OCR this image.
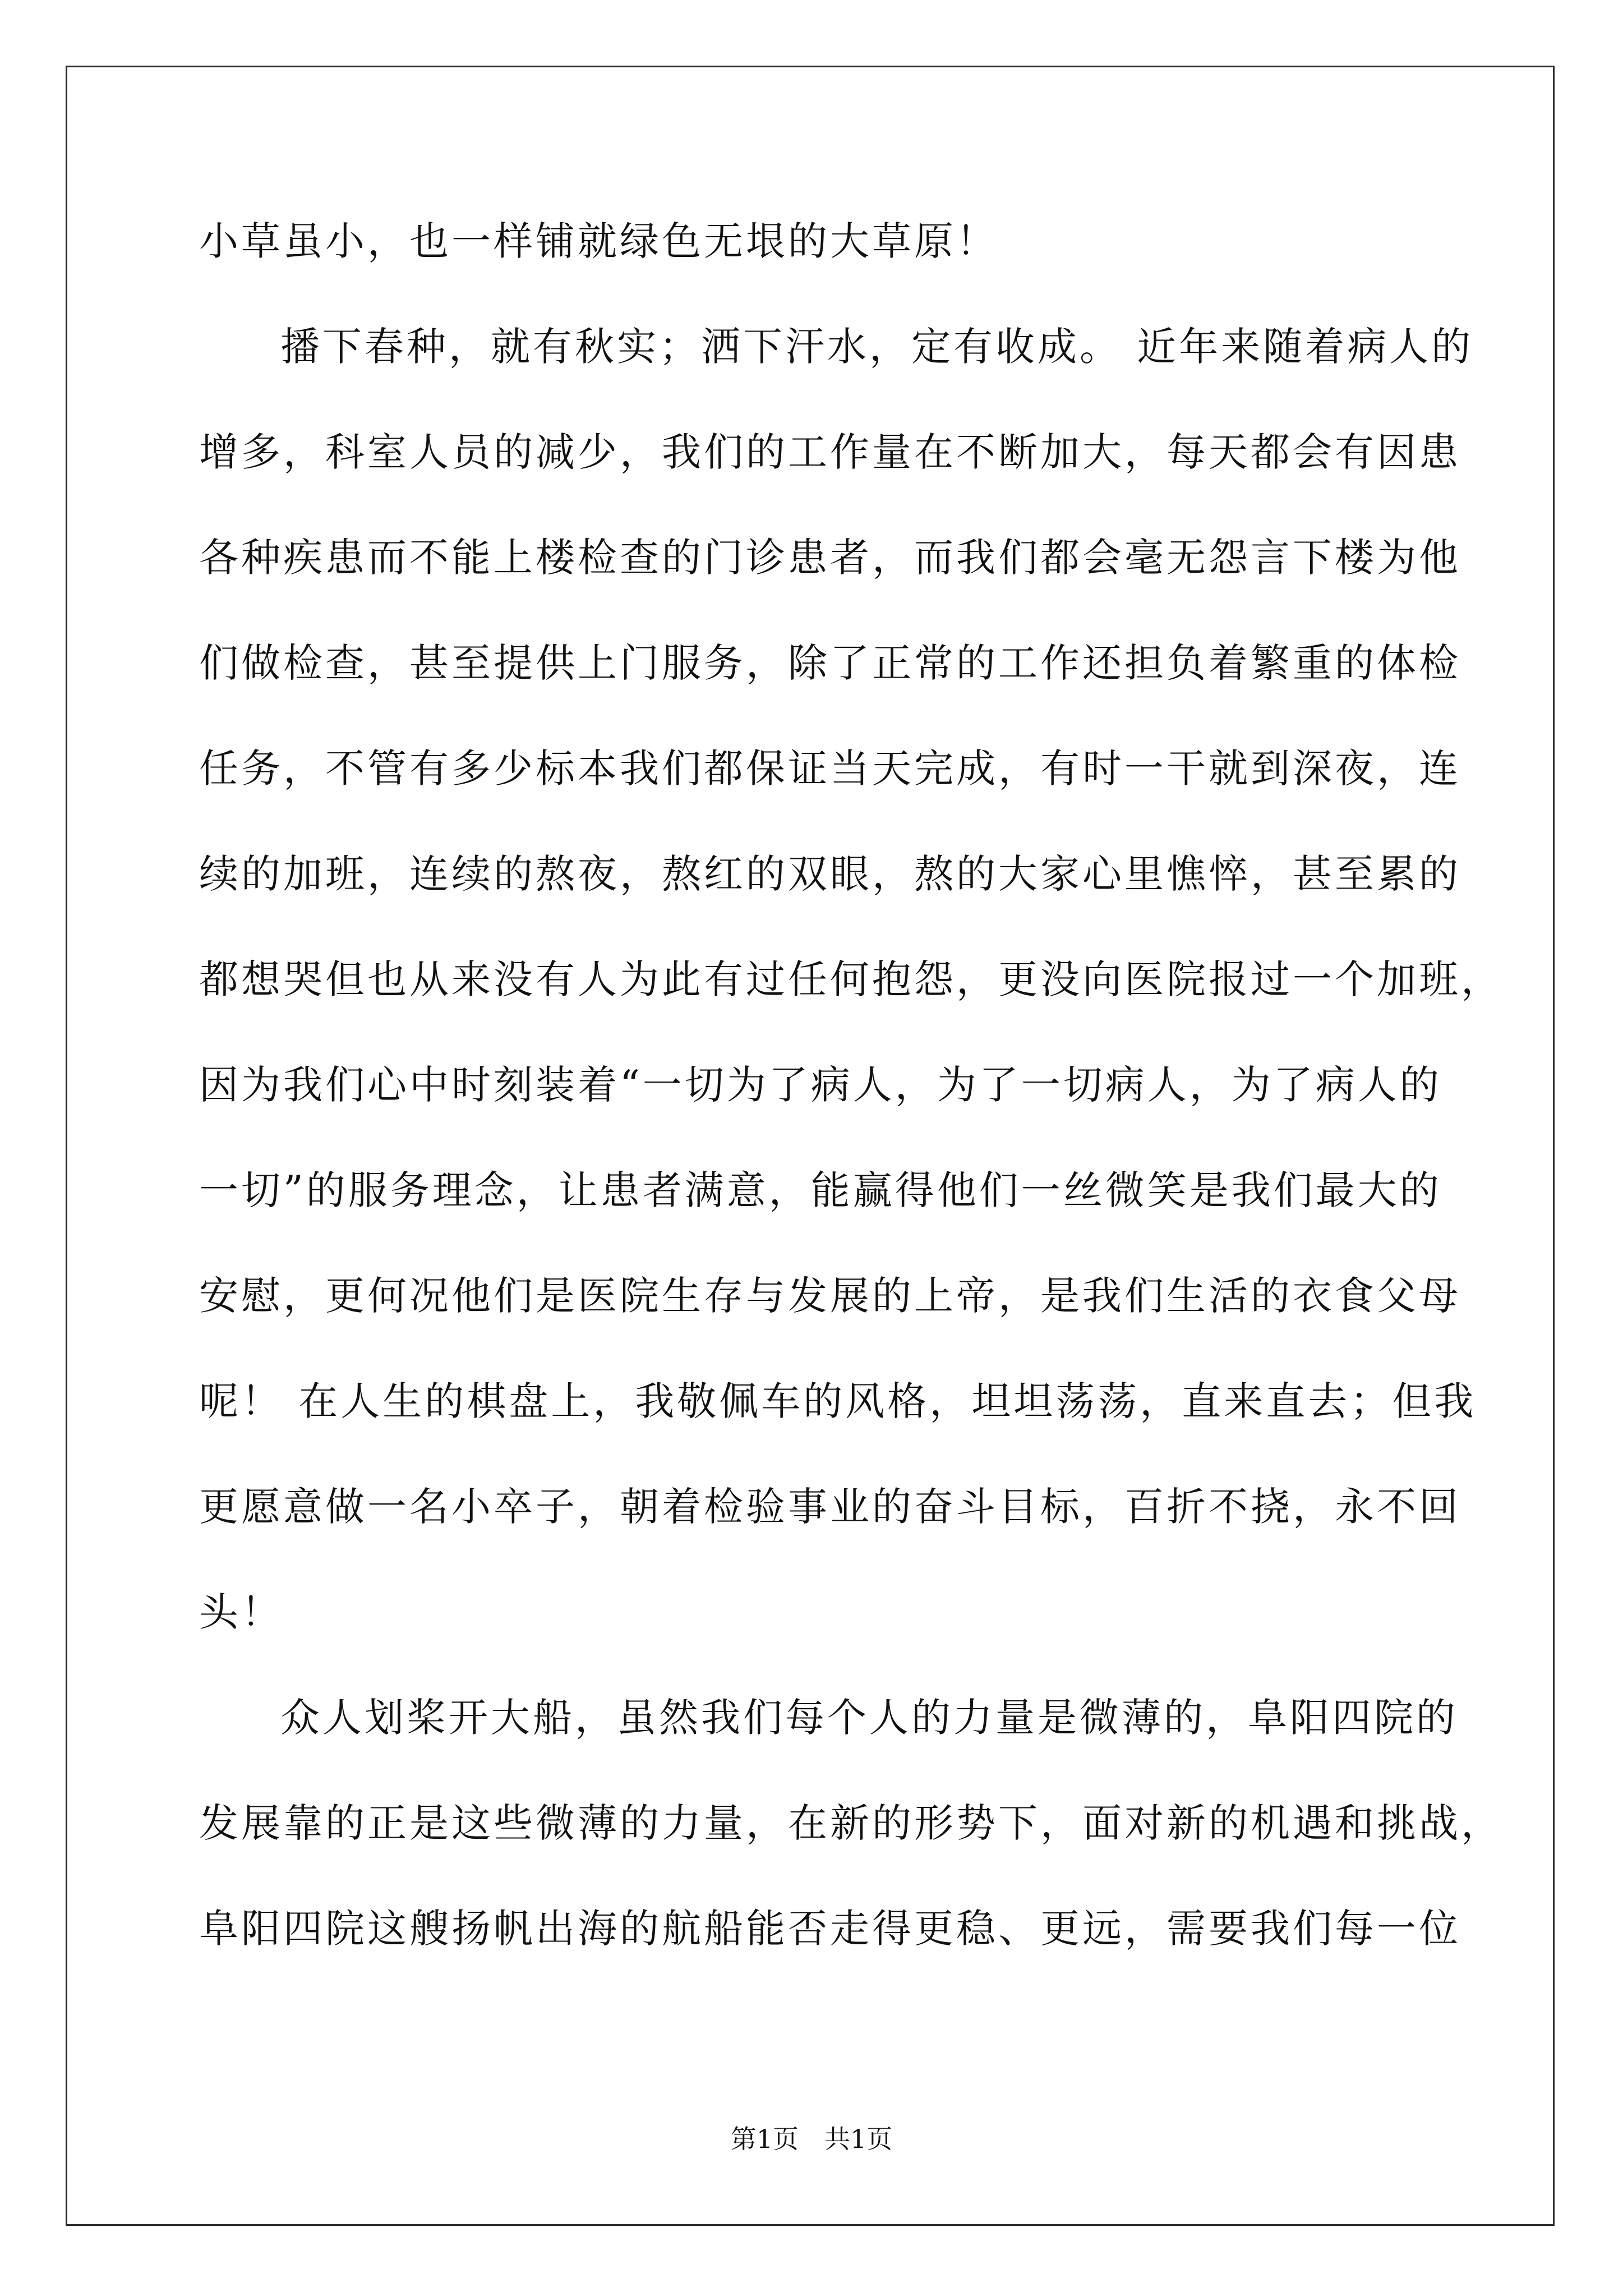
小草虽小，也一样铺就绿色无垠的大草原！
播下春种，就有秋实；洒下汗水，定有收成。 近年来随着病人的
增多，科室人员的减少，我们的工作量在不断加大，每天都会有因患
各种疾患而不能上楼检查的门诊患者，而我们都会毫无怨言下楼为他
们做检查，甚至提供上门服务，除了正常的工作还担负着繁重的体检
任务，不管有多少标本我们都保证当天完成，有时一干就到深夜，连
续的加班，连续的熬夜，熬红的双眼，熬的大家心里憔悴，甚至累的
都想哭但也从来没有人为此有过任何抱怨，更没向医院报过一个加班，
因为我们心中时刻装着“一切为了病人，为了一切病人，为了病人的
一切”的服务理念，让患者满意，能赢得他们一丝微笑是我们最大的
安慰，更何况他们是医院生存与发展的上帝，是我们生活的衣食父母
呢！ 在人生的棋盘上，我敬佩车的风格，坦坦荡荡，直来直去；但我
更愿意做一名小卒子，朝着检验事业的奋斗目标，百折不挠，永不回
头！
众人划桨开大船，虽然我们每个人的力量是微薄的，阜阳四院的
发展靠的正是这些微薄的力量，在新的形势下，面对新的机遇和挑战，
阜阳四院这艘扬帆出海的航船能否走得更稳、更远，需要我们每一位
第1页　共1页
